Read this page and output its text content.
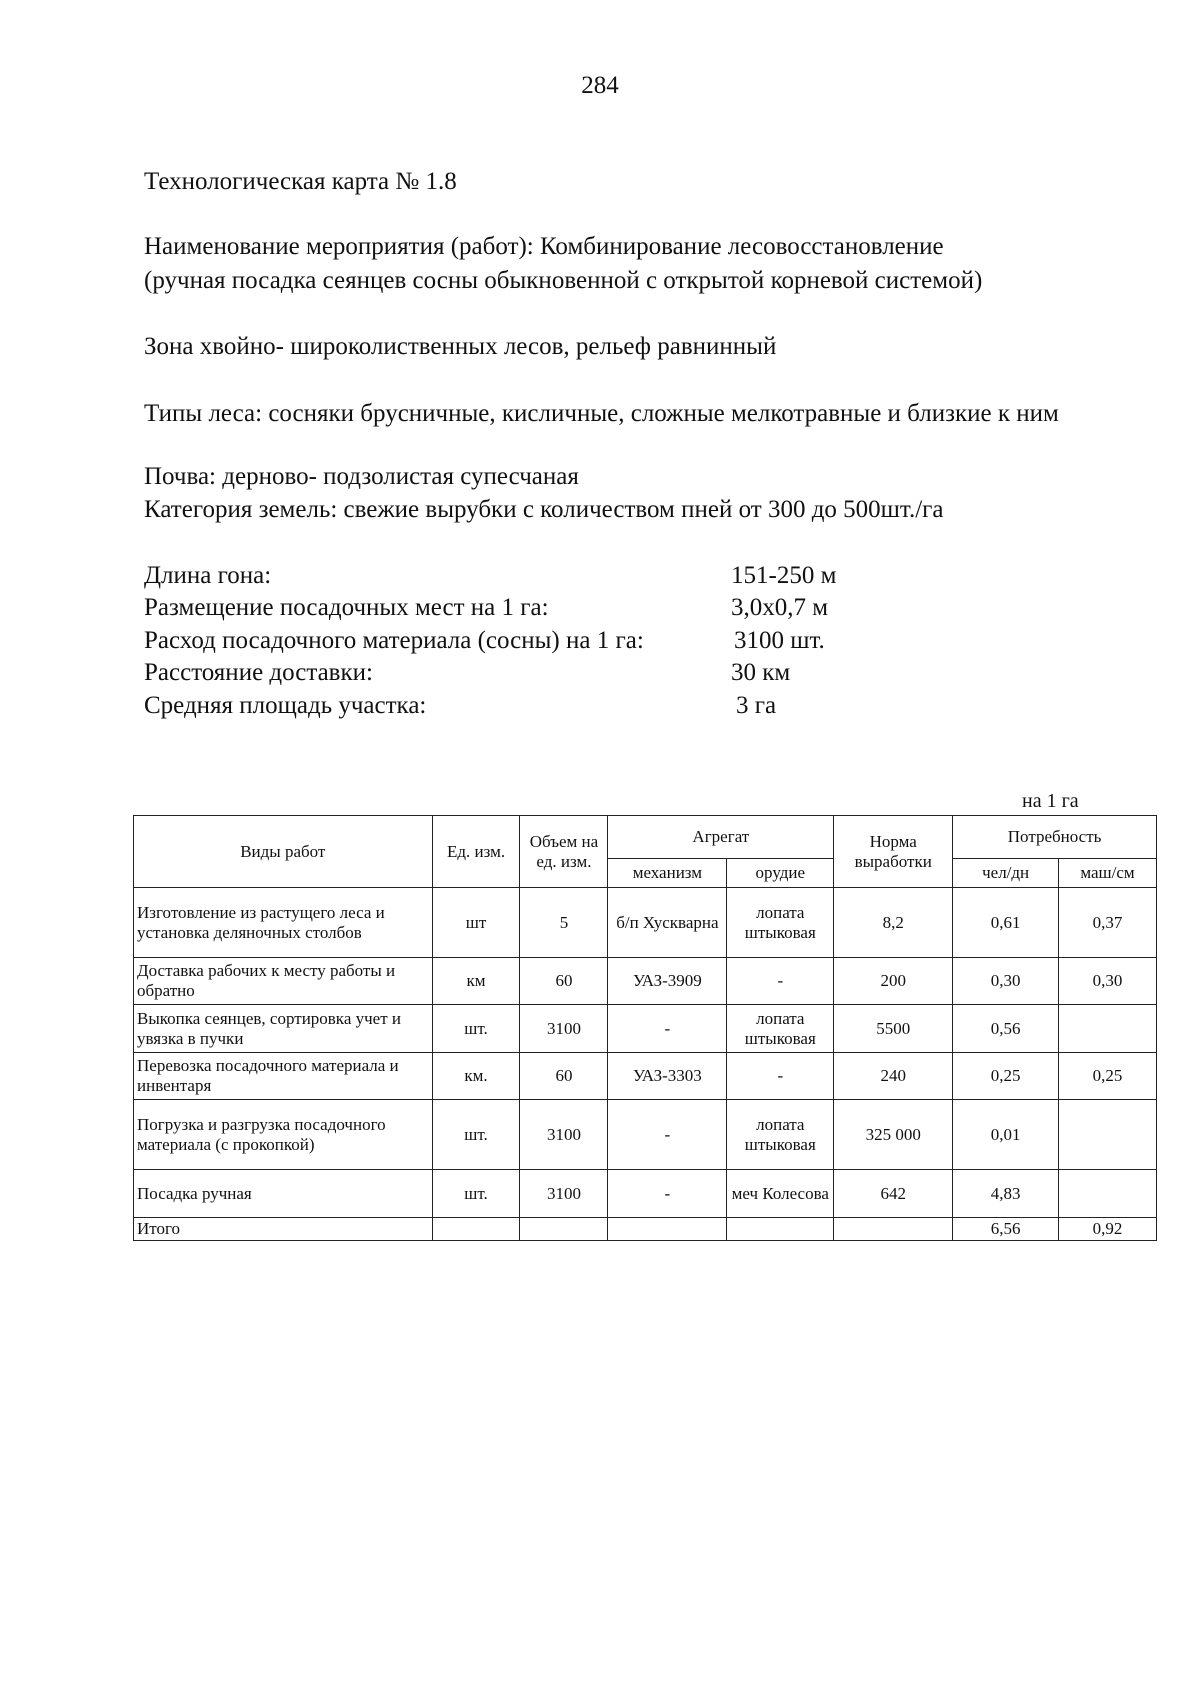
284
Технологическая карта № 1.8
Наименование мероприятия (работ): Комбинирование лесовосстановление
(ручная посадка сеянцев сосны обыкновенной с открытой корневой системой)
Зона хвойно- широколиственных лесов, рельеф равнинный
Типы леса: сосняки брусничные, кисличные, сложные мелкотравные и близкие к ним
Почва: дерново- подзолистая супесчаная
Категория земель: свежие вырубки с количеством пней от 300 до 500шт./га
Длина гона:	151-250 м
Размещение посадочных мест на 1 га:	3,0х0,7 м
Расход посадочного материала (сосны) на 1 га:	3100 шт.
Расстояние доставки:	30 км
Средняя площадь участка:	3 га
на 1 га
Виды работ	Ед. изм.	Объем на ед. изм.	Агрегат		Норма выработки	Потребность	
			механизм	орудие		чел/дн	маш/см
Изготовление из растущего леса и установка деляночных столбов	шт	5	б/п Хускварна	лопата штыковая	8,2	0,61	0,37
Доставка рабочих к месту работы и обратно	км	60	УАЗ-3909	-	200	0,30	0,30
Выкопка сеянцев, сортировка учет и увязка в пучки	шт.	3100	-	лопата штыковая	5500	0,56	
Перевозка посадочного материала и инвентаря	км.	60	УАЗ-3303	-	240	0,25	0,25
Погрузка и разгрузка посадочного материала (с прокопкой)	шт.	3100	-	лопата штыковая	325 000	0,01	
Посадка ручная	шт.	3100	-	меч Колесова	642	4,83	
Итого						6,56	0,92
